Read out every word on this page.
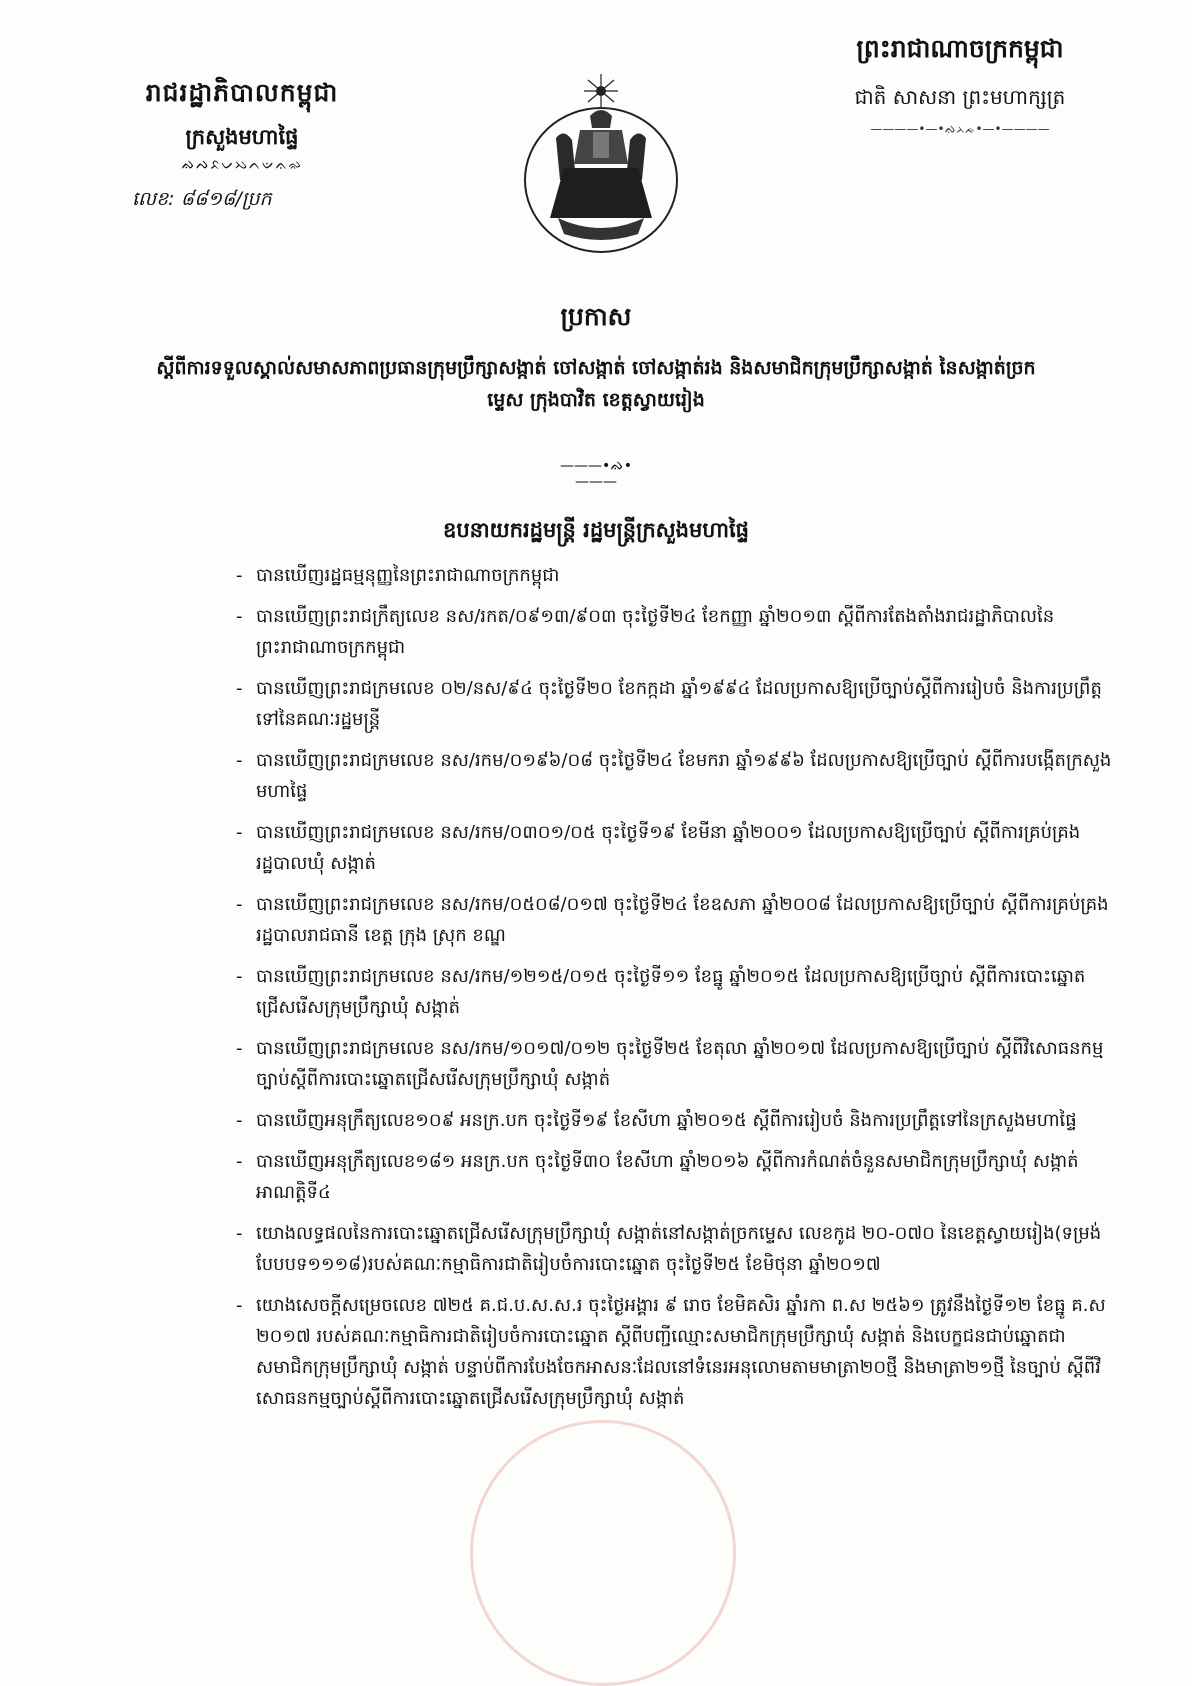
រាជរដ្ឋាភិបាលកម្ពុជា
ក្រសួងមហាផ្ទៃ
ᨁᨄᨅᨆᨇᨈᨉᨊᨋ
លេខ: ៨៨១៨/ប្រក
ព្រះរាជាណាចក្រកម្ពុជា
ជាតិ សាសនា ព្រះមហាក្សត្រ
————•—•ᨁᨂᨃ•—•————
ប្រកាស
ស្តីពីការទទួលស្គាល់សមាសភាពប្រធានក្រុមប្រឹក្សាសង្កាត់ ចៅសង្កាត់ ចៅសង្កាត់រង និងសមាជិកក្រុមប្រឹក្សាសង្កាត់ នៃសង្កាត់ច្រកម្ទេស ក្រុងបាវិត ខេត្តស្វាយរៀង
———•ᨁ•———
ឧបនាយករដ្ឋមន្ត្រី រដ្ឋមន្ត្រីក្រសួងមហាផ្ទៃ
- បានឃើញរដ្ឋធម្មនុញ្ញនៃព្រះរាជាណាចក្រកម្ពុជា
- បានឃើញព្រះរាជក្រឹត្យលេខ នស/រកត/០៩១៣/៩០៣ ចុះថ្ងៃទី២៤ ខែកញ្ញា ឆ្នាំ២០១៣ ស្តីពីការតែងតាំងរាជរដ្ឋាភិបាលនៃព្រះរាជាណាចក្រកម្ពុជា
- បានឃើញព្រះរាជក្រមលេខ ០២/នស/៩៤ ចុះថ្ងៃទី២០ ខែកក្កដា ឆ្នាំ១៩៩៤ ដែលប្រកាសឱ្យប្រើច្បាប់ស្តីពីការរៀបចំ និងការប្រព្រឹត្តទៅនៃគណៈរដ្ឋមន្ត្រី
- បានឃើញព្រះរាជក្រមលេខ នស/រកម/០១៩៦/០៨ ចុះថ្ងៃទី២៤ ខែមករា ឆ្នាំ១៩៩៦ ដែលប្រកាសឱ្យប្រើច្បាប់ ស្តីពីការបង្កើតក្រសួងមហាផ្ទៃ
- បានឃើញព្រះរាជក្រមលេខ នស/រកម/០៣០១/០៥ ចុះថ្ងៃទី១៩ ខែមីនា ឆ្នាំ២០០១ ដែលប្រកាសឱ្យប្រើច្បាប់ ស្តីពីការគ្រប់គ្រងរដ្ឋបាលឃុំ សង្កាត់
- បានឃើញព្រះរាជក្រមលេខ នស/រកម/០៥០៨/០១៧ ចុះថ្ងៃទី២៤ ខែឧសភា ឆ្នាំ២០០៨ ដែលប្រកាសឱ្យប្រើច្បាប់ ស្តីពីការគ្រប់គ្រងរដ្ឋបាលរាជធានី ខេត្ត ក្រុង ស្រុក ខណ្ឌ
- បានឃើញព្រះរាជក្រមលេខ នស/រកម/១២១៥/០១៥ ចុះថ្ងៃទី១១ ខែធ្នូ ឆ្នាំ២០១៥ ដែលប្រកាសឱ្យប្រើច្បាប់ ស្តីពីការបោះឆ្នោតជ្រើសរើសក្រុមប្រឹក្សាឃុំ សង្កាត់
- បានឃើញព្រះរាជក្រមលេខ នស/រកម/១០១៧/០១២ ចុះថ្ងៃទី២៥ ខែតុលា ឆ្នាំ២០១៧ ដែលប្រកាសឱ្យប្រើច្បាប់ ស្តីពីវិសោធនកម្មច្បាប់ស្តីពីការបោះឆ្នោតជ្រើសរើសក្រុមប្រឹក្សាឃុំ សង្កាត់
- បានឃើញអនុក្រឹត្យលេខ១០៩ អនក្រ.បក ចុះថ្ងៃទី១៩ ខែសីហា ឆ្នាំ២០១៥ ស្តីពីការរៀបចំ និងការប្រព្រឹត្តទៅនៃក្រសួងមហាផ្ទៃ
- បានឃើញអនុក្រឹត្យលេខ១៨១ អនក្រ.បក ចុះថ្ងៃទី៣០ ខែសីហា ឆ្នាំ២០១៦ ស្តីពីការកំណត់ចំនួនសមាជិកក្រុមប្រឹក្សាឃុំ សង្កាត់អាណត្តិទី៤
- យោងលទ្ធផលនៃការបោះឆ្នោតជ្រើសរើសក្រុមប្រឹក្សាឃុំ សង្កាត់នៅសង្កាត់ច្រកម្ទេស លេខកូដ ២០-០៧០ នៃខេត្តស្វាយរៀង(ទម្រង់បែបបទ១១១៨)របស់គណៈកម្មាធិការជាតិរៀបចំការបោះឆ្នោត ចុះថ្ងៃទី២៥ ខែមិថុនា ឆ្នាំ២០១៧
- យោងសេចក្តីសម្រេចលេខ ៧២៥ គ.ជ.ប.ស.ស.រ ចុះថ្ងៃអង្គារ ៩ រោច ខែមិគសិរ ឆ្នាំរកា ព.ស ២៥៦១ ត្រូវនឹងថ្ងៃទី១២ ខែធ្នូ គ.ស ២០១៧ របស់គណៈកម្មាធិការជាតិរៀបចំការបោះឆ្នោត ស្តីពីបញ្ជីឈ្មោះសមាជិកក្រុមប្រឹក្សាឃុំ សង្កាត់ និងបេក្ខជនជាប់ឆ្នោតជាសមាជិកក្រុមប្រឹក្សាឃុំ សង្កាត់ បន្ទាប់ពីការបែងចែកអាសនៈដែលនៅទំនេរអនុលោមតាមមាត្រា២០ថ្មី និងមាត្រា២១ថ្មី នៃច្បាប់ ស្តីពីវិសោធនកម្មច្បាប់ស្តីពីការបោះឆ្នោតជ្រើសរើសក្រុមប្រឹក្សាឃុំ សង្កាត់
